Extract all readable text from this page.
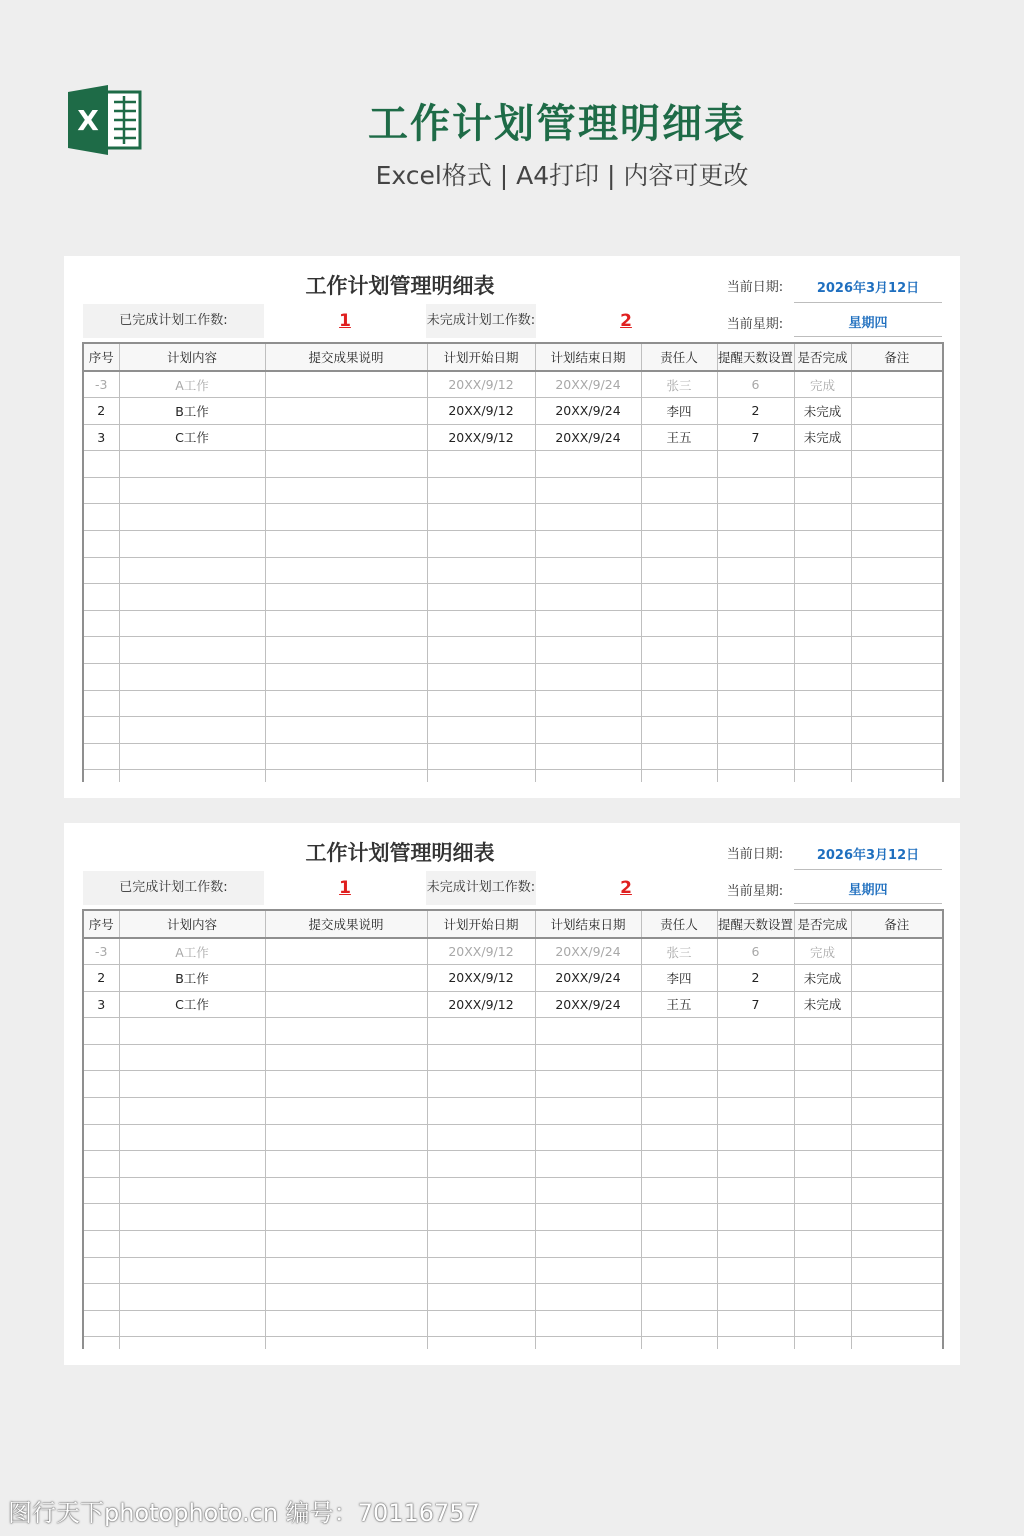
X	工作计划管理明细表
Excel格式 | A4打印 | 内容可更改
工作计划管理明细表	当前日期:	2026年3月12日
当前星期:	星期四
已完成计划工作数:	1	未完成计划工作数:	2
序号	计划内容	提交成果说明	计划开始日期	计划结束日期	责任人	提醒天数设置	是否完成	备注
-3	A工作		20XX/9/12	20XX/9/24	张三	6	完成	
2	B工作		20XX/9/12	20XX/9/24	李四	2	未完成	
3	C工作		20XX/9/12	20XX/9/24	王五	7	未完成	

工作计划管理明细表	当前日期:	2026年3月12日
当前星期:	星期四
已完成计划工作数:	1	未完成计划工作数:	2
序号	计划内容	提交成果说明	计划开始日期	计划结束日期	责任人	提醒天数设置	是否完成	备注
-3	A工作		20XX/9/12	20XX/9/24	张三	6	完成	
2	B工作		20XX/9/12	20XX/9/24	李四	2	未完成	
3	C工作		20XX/9/12	20XX/9/24	王五	7	未完成	

图行天下photophoto.cn 编号：70116757
